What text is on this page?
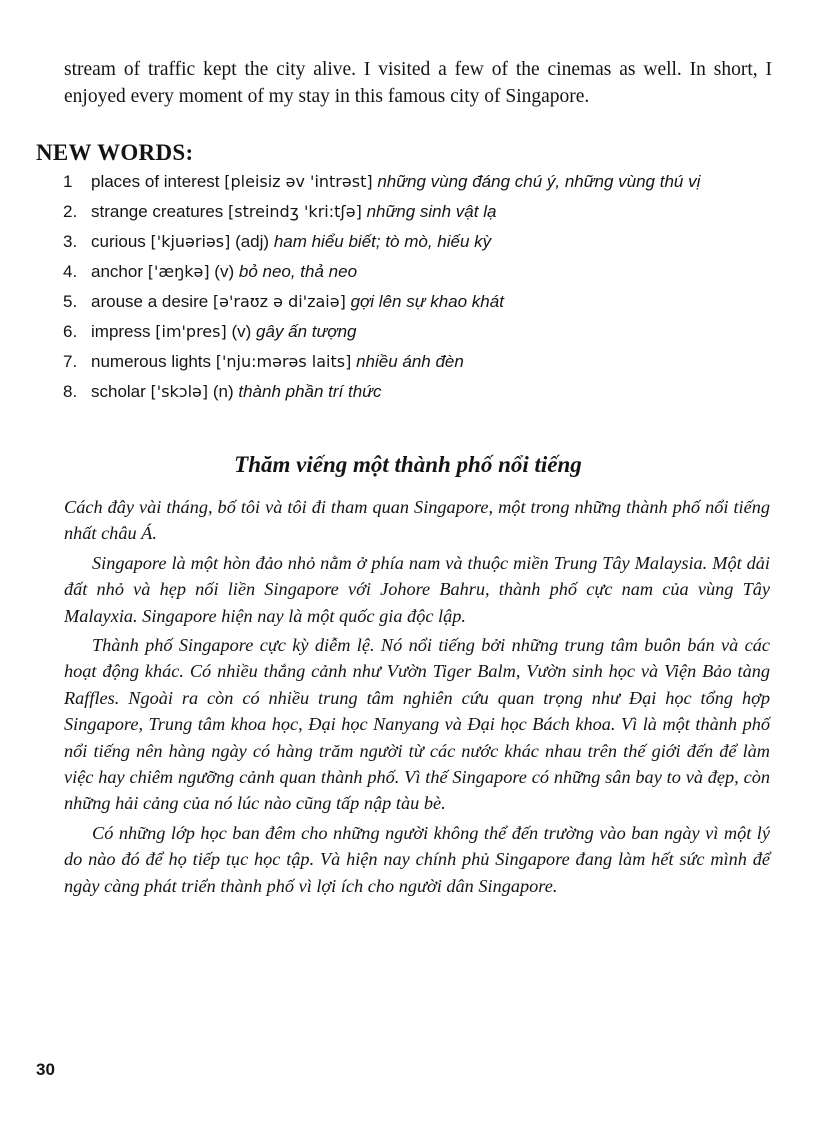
stream of traffic kept the city alive. I visited a few of the cinemas as well. In short, I enjoyed every moment of my stay in this famous city of Singapore.

NEW WORDS:
1	places of interest [pleisiz əv 'intrəst] những vùng đáng chú ý, những vùng thú vị
2. strange creatures [streindʒ 'kri:tʃə] những sinh vật lạ
3. curious ['kjuəriəs] (adj) ham hiểu biết; tò mò, hiếu kỳ
4. anchor ['æŋkə] (v) bỏ neo, thả neo
5. arouse a desire [ə'raʊz ə di'zaiə] gợi lên sự khao khát
6. impress [im'pres] (v) gây ấn tượng
7. numerous lights ['nju:mərəs laits] nhiều ánh đèn
8. scholar ['skɔlə] (n) thành phần trí thức
Thăm viếng một thành phố nổi tiếng

Cách đây vài tháng, bố tôi và tôi đi tham quan Singapore, một trong những thành phố nổi tiếng nhất châu Á.

Singapore là một hòn đảo nhỏ nằm ở phía nam và thuộc miền Trung Tây Malaysia. Một dải đất nhỏ và hẹp nối liền Singapore với Johore Bahru, thành phố cực nam của vùng Tây Malayxia. Singapore hiện nay là một quốc gia độc lập.

Thành phố Singapore cực kỳ diễm lệ. Nó nổi tiếng bởi những trung tâm buôn bán và các hoạt động khác. Có nhiều thắng cảnh như Vườn Tiger Balm, Vườn sinh học và Viện Bảo tàng Raffles. Ngoài ra còn có nhiều trung tâm nghiên cứu quan trọng như Đại học tổng hợp Singapore, Trung tâm khoa học, Đại học Nanyang và Đại học Bách khoa. Vì là một thành phố nổi tiếng nên hàng ngày có hàng trăm người từ các nước khác nhau trên thế giới đến để làm việc hay chiêm ngưỡng cảnh quan thành phố. Vì thế Singapore có những sân bay to và đẹp, còn những hải cảng của nó lúc nào cũng tấp nập tàu bè.

Có những lớp học ban đêm cho những người không thể đến trường vào ban ngày vì một lý do nào đó để họ tiếp tục học tập. Và hiện nay chính phủ Singapore đang làm hết sức mình để ngày càng phát triển thành phố vì lợi ích cho người dân Singapore.

30
